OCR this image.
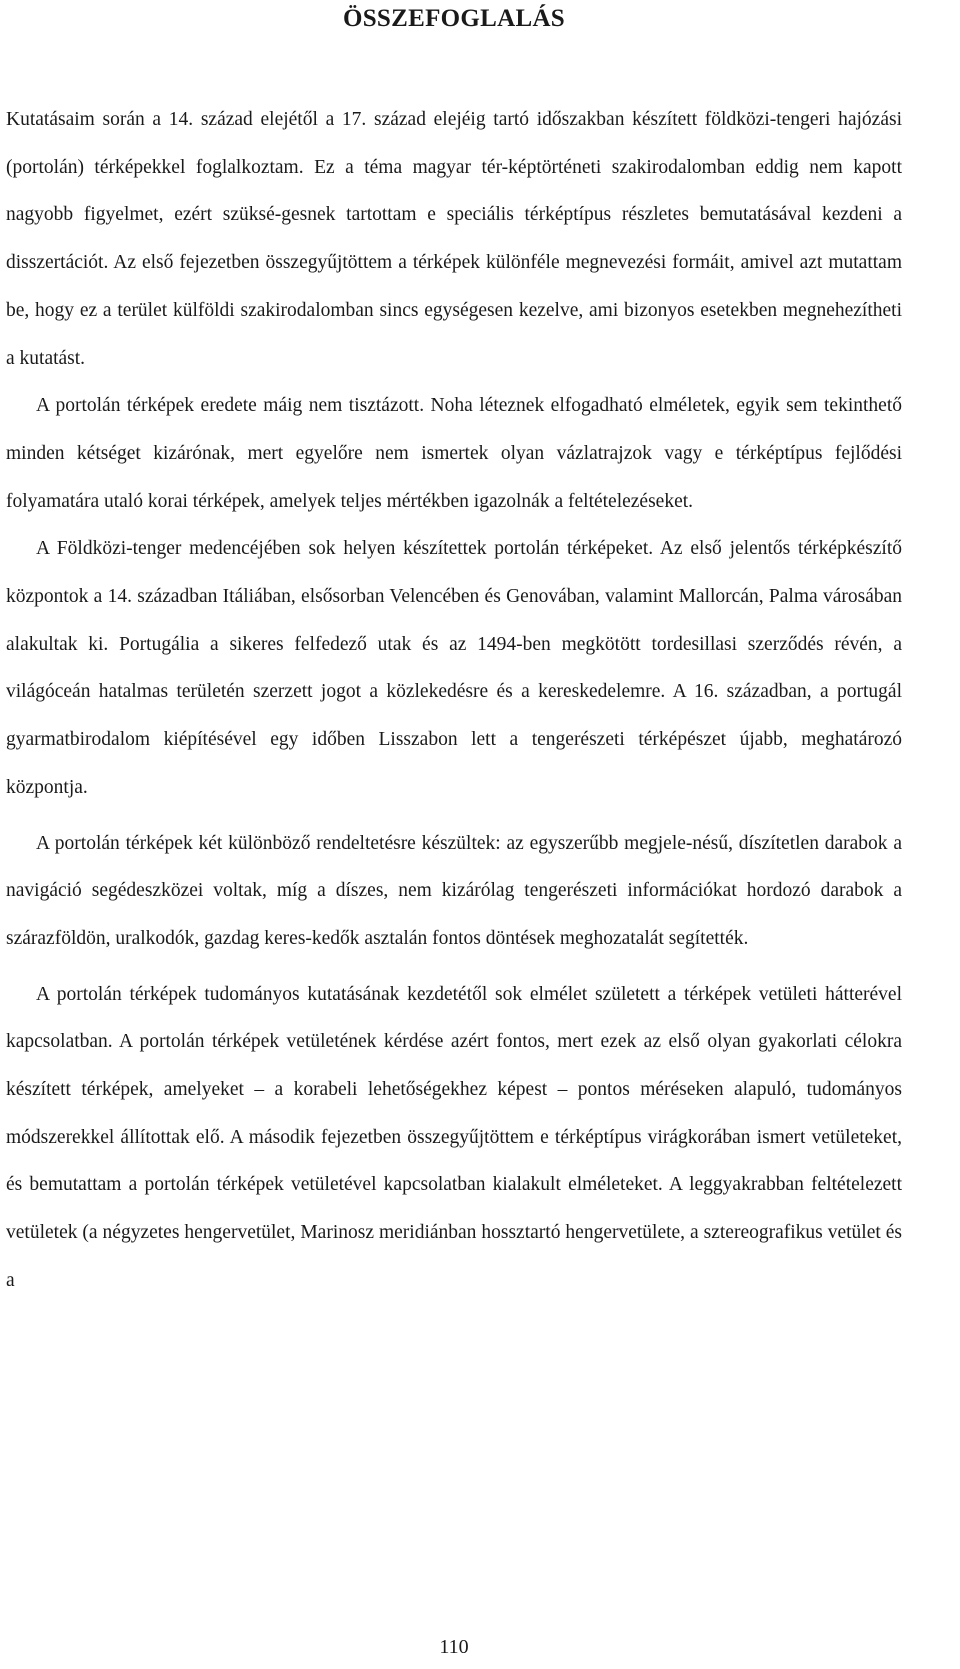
ÖSSZEFOGLALÁS

Kutatásaim során a 14. század elejétől a 17. század elejéig tartó időszakban készített földközi-tengeri hajózási (portolán) térképekkel foglalkoztam. Ez a téma magyar tér-képtörténeti szakirodalomban eddig nem kapott nagyobb figyelmet, ezért szüksé-gesnek tartottam e speciális térképtípus részletes bemutatásával kezdeni a disszertációt. Az első fejezetben összegyűjtöttem a térképek különféle megnevezési formáit, amivel azt mutattam be, hogy ez a terület külföldi szakirodalomban sincs egységesen kezelve, ami bizonyos esetekben megnehezítheti a kutatást.

A portolán térképek eredete máig nem tisztázott. Noha léteznek elfogadható elméletek, egyik sem tekinthető minden kétséget kizárónak, mert egyelőre nem ismertek olyan vázlatrajzok vagy e térképtípus fejlődési folyamatára utaló korai térképek, amelyek teljes mértékben igazolnák a feltételezéseket.

A Földközi-tenger medencéjében sok helyen készítettek portolán térképeket. Az első jelentős térképkészítő központok a 14. században Itáliában, elsősorban Velencében és Genovában, valamint Mallorcán, Palma városában alakultak ki. Portugália a sikeres felfedező utak és az 1494-ben megkötött tordesillasi szerződés révén, a világóceán hatalmas területén szerzett jogot a közlekedésre és a kereskedelemre. A 16. században, a portugál gyarmatbirodalom kiépítésével egy időben Lisszabon lett a tengerészeti térképészet újabb, meghatározó központja.

A portolán térképek két különböző rendeltetésre készültek: az egyszerűbb megjele-nésű, díszítetlen darabok a navigáció segédeszközei voltak, míg a díszes, nem kizárólag tengerészeti információkat hordozó darabok a szárazföldön, uralkodók, gazdag keres-kedők asztalán fontos döntések meghozatalát segítették.

A portolán térképek tudományos kutatásának kezdetétől sok elmélet született a térképek vetületi hátterével kapcsolatban. A portolán térképek vetületének kérdése azért fontos, mert ezek az első olyan gyakorlati célokra készített térképek, amelyeket – a korabeli lehetőségekhez képest – pontos méréseken alapuló, tudományos módszerekkel állítottak elő. A második fejezetben összegyűjtöttem e térképtípus virágkorában ismert vetületeket, és bemutattam a portolán térképek vetületével kapcsolatban kialakult elméleteket. A leggyakrabban feltételezett vetületek (a négyzetes hengervetület, Marinosz meridiánban hossztartó hengervetülete, a sztereografikus vetület és a

110
